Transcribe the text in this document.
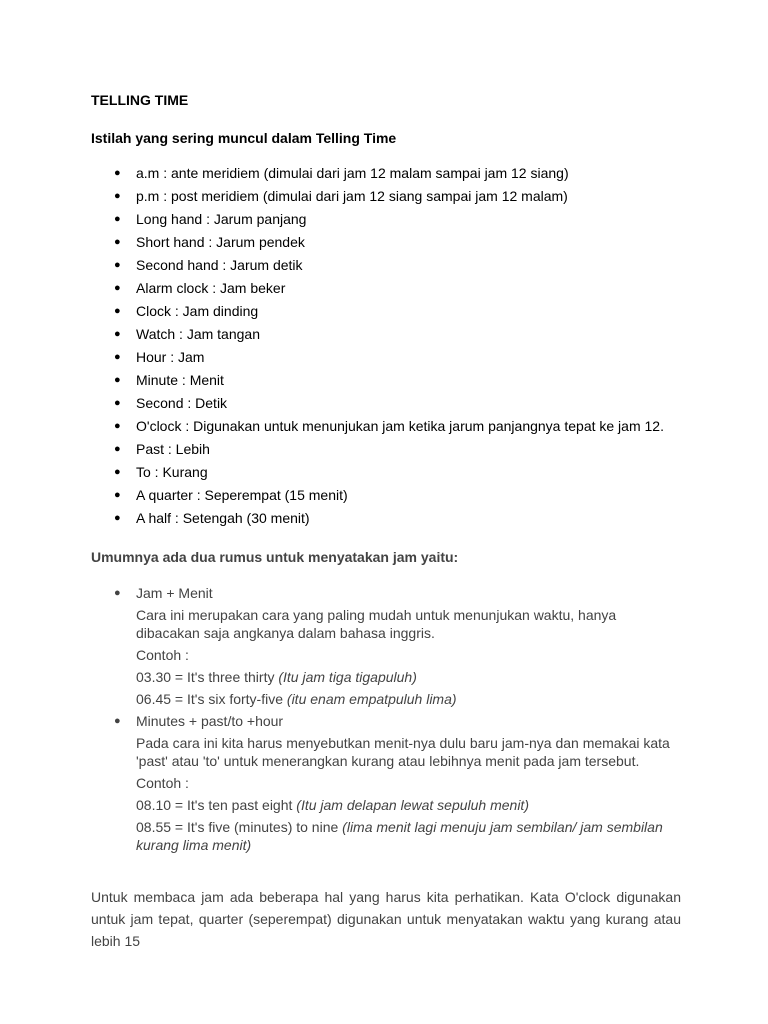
TELLING TIME
Istilah yang sering muncul dalam Telling Time
● a.m : ante meridiem (dimulai dari jam 12 malam sampai jam 12 siang)
● p.m : post meridiem (dimulai dari jam 12 siang sampai jam 12 malam)
● Long hand : Jarum panjang
● Short hand : Jarum pendek
● Second hand : Jarum detik
● Alarm clock : Jam beker
● Clock : Jam dinding
● Watch : Jam tangan
● Hour : Jam
● Minute : Menit
● Second : Detik
● O'clock : Digunakan untuk menunjukan jam ketika jarum panjangnya tepat ke jam 12.
● Past : Lebih
● To : Kurang
● A quarter : Seperempat (15 menit)
● A half : Setengah (30 menit)
Umumnya ada dua rumus untuk menyatakan jam yaitu:
● Jam + Menit
Cara ini merupakan cara yang paling mudah untuk menunjukan waktu, hanya dibacakan saja angkanya dalam bahasa inggris.
Contoh :
03.30 = It's three thirty (Itu jam tiga tigapuluh)
06.45 = It's six forty-five (itu enam empatpuluh lima)
● Minutes + past/to +hour
Pada cara ini kita harus menyebutkan menit-nya dulu baru jam-nya dan memakai kata 'past' atau 'to' untuk menerangkan kurang atau lebihnya menit pada jam tersebut.
Contoh :
08.10 = It's ten past eight (Itu jam delapan lewat sepuluh menit)
08.55 = It's five (minutes) to nine (lima menit lagi menuju jam sembilan/ jam sembilan kurang lima menit)

Untuk membaca jam ada beberapa hal yang harus kita perhatikan. Kata O'clock digunakan untuk jam tepat, quarter (seperempat) digunakan untuk menyatakan waktu yang kurang atau lebih 15
